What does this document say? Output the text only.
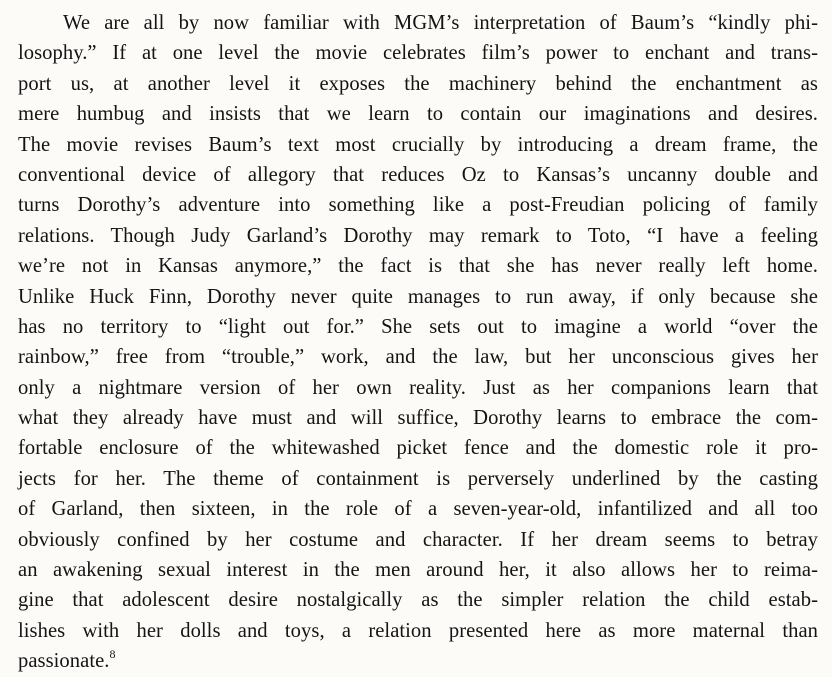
We are all by now familiar with MGM’s interpretation of Baum’s “kindly phi-
losophy.” If at one level the movie celebrates film’s power to enchant and trans-
port us, at another level it exposes the machinery behind the enchantment as
mere humbug and insists that we learn to contain our imaginations and desires.
The movie revises Baum’s text most crucially by introducing a dream frame, the
conventional device of allegory that reduces Oz to Kansas’s uncanny double and
turns Dorothy’s adventure into something like a post-Freudian policing of family
relations. Though Judy Garland’s Dorothy may remark to Toto, “I have a feeling
we’re not in Kansas anymore,” the fact is that she has never really left home.
Unlike Huck Finn, Dorothy never quite manages to run away, if only because she
has no territory to “light out for.” She sets out to imagine a world “over the
rainbow,” free from “trouble,” work, and the law, but her unconscious gives her
only a nightmare version of her own reality. Just as her companions learn that
what they already have must and will suffice, Dorothy learns to embrace the com-
fortable enclosure of the whitewashed picket fence and the domestic role it pro-
jects for her. The theme of containment is perversely underlined by the casting
of Garland, then sixteen, in the role of a seven-year-old, infantilized and all too
obviously confined by her costume and character. If her dream seems to betray
an awakening sexual interest in the men around her, it also allows her to reima-
gine that adolescent desire nostalgically as the simpler relation the child estab-
lishes with her dolls and toys, a relation presented here as more maternal than
passionate.$^8$
